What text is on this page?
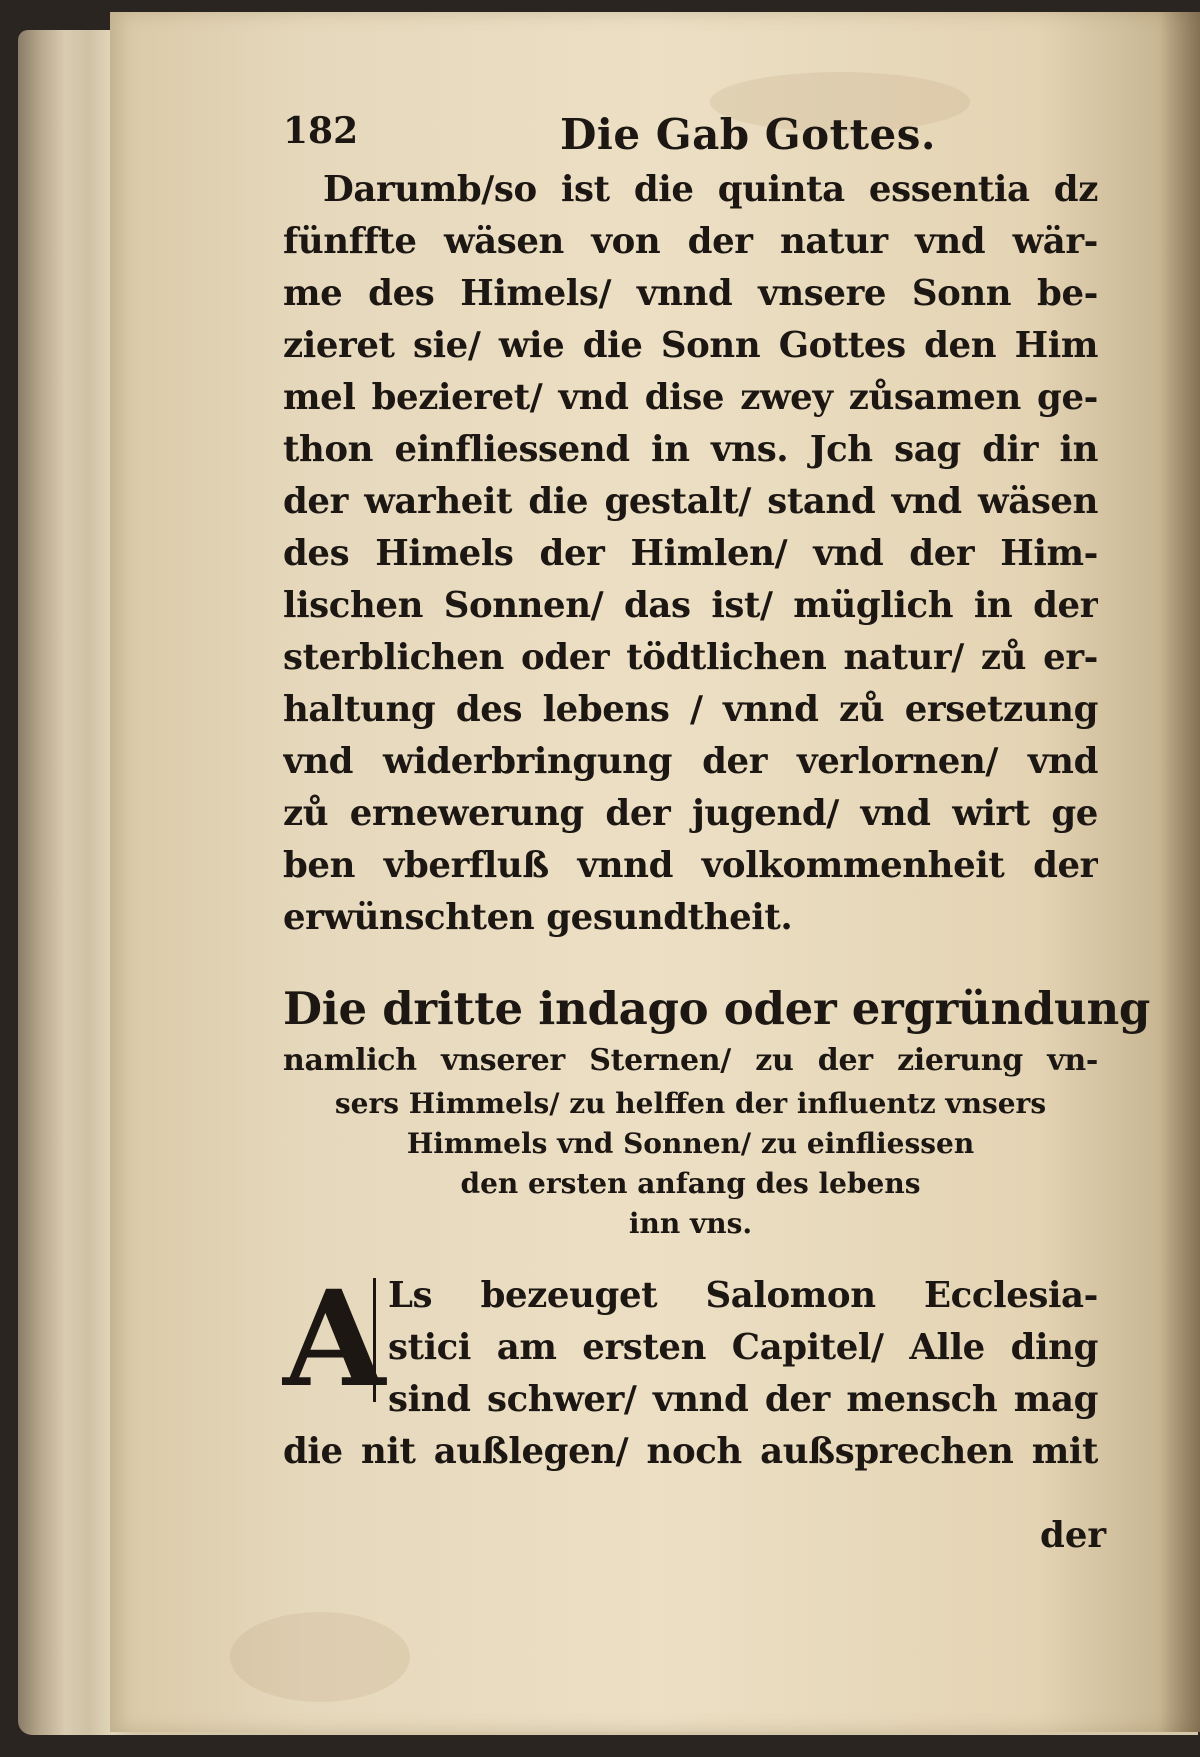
182	Die Gab Gottes.
Darumb/so ist die quinta essentia dz
fünffte wäsen von der natur vnd wär-
me des Himels/ vnnd vnsere Sonn be-
zieret sie/ wie die Sonn Gottes den Him
mel bezieret/ vnd dise zwey zůsamen ge-
thon einfliessend in vns. Jch sag dir in
der warheit die gestalt/ stand vnd wäsen
des Himels der Himlen/ vnd der Him-
lischen Sonnen/ das ist/ müglich in der
sterblichen oder tödtlichen natur/ zů er-
haltung des lebens / vnnd zů ersetzung
vnd widerbringung der verlornen/ vnd
zů ernewerung der jugend/ vnd wirt ge
ben vberfluß vnnd volkommenheit der
erwünschten gesundtheit.
Die dritte indago oder ergründung
namlich vnserer Sternen/ zu der zierung vn-
sers Himmels/ zu helffen der influentz vnsers
Himmels vnd Sonnen/ zu einfliessen
den ersten anfang des lebens
inn vns.
A Ls bezeuget Salomon Ecclesia-
stici am ersten Capitel/ Alle ding
sind schwer/ vnnd der mensch mag
die nit außlegen/ noch außsprechen mit
der
